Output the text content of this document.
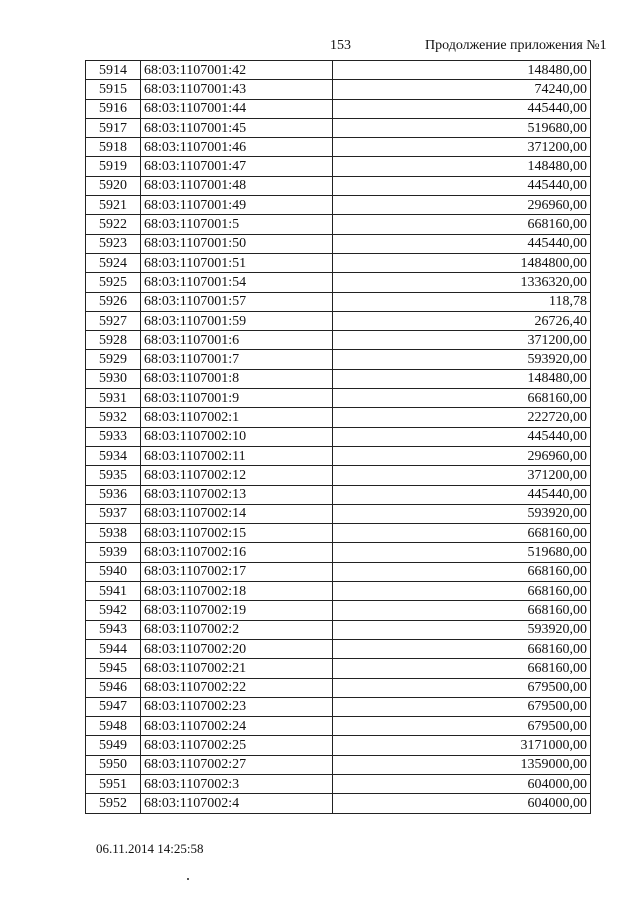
153	Продолжение приложения №1
5914	68:03:1107001:42	148480,00
5915	68:03:1107001:43	74240,00
5916	68:03:1107001:44	445440,00
5917	68:03:1107001:45	519680,00
5918	68:03:1107001:46	371200,00
5919	68:03:1107001:47	148480,00
5920	68:03:1107001:48	445440,00
5921	68:03:1107001:49	296960,00
5922	68:03:1107001:5	668160,00
5923	68:03:1107001:50	445440,00
5924	68:03:1107001:51	1484800,00
5925	68:03:1107001:54	1336320,00
5926	68:03:1107001:57	118,78
5927	68:03:1107001:59	26726,40
5928	68:03:1107001:6	371200,00
5929	68:03:1107001:7	593920,00
5930	68:03:1107001:8	148480,00
5931	68:03:1107001:9	668160,00
5932	68:03:1107002:1	222720,00
5933	68:03:1107002:10	445440,00
5934	68:03:1107002:11	296960,00
5935	68:03:1107002:12	371200,00
5936	68:03:1107002:13	445440,00
5937	68:03:1107002:14	593920,00
5938	68:03:1107002:15	668160,00
5939	68:03:1107002:16	519680,00
5940	68:03:1107002:17	668160,00
5941	68:03:1107002:18	668160,00
5942	68:03:1107002:19	668160,00
5943	68:03:1107002:2	593920,00
5944	68:03:1107002:20	668160,00
5945	68:03:1107002:21	668160,00
5946	68:03:1107002:22	679500,00
5947	68:03:1107002:23	679500,00
5948	68:03:1107002:24	679500,00
5949	68:03:1107002:25	3171000,00
5950	68:03:1107002:27	1359000,00
5951	68:03:1107002:3	604000,00
5952	68:03:1107002:4	604000,00
06.11.2014 14:25:58
